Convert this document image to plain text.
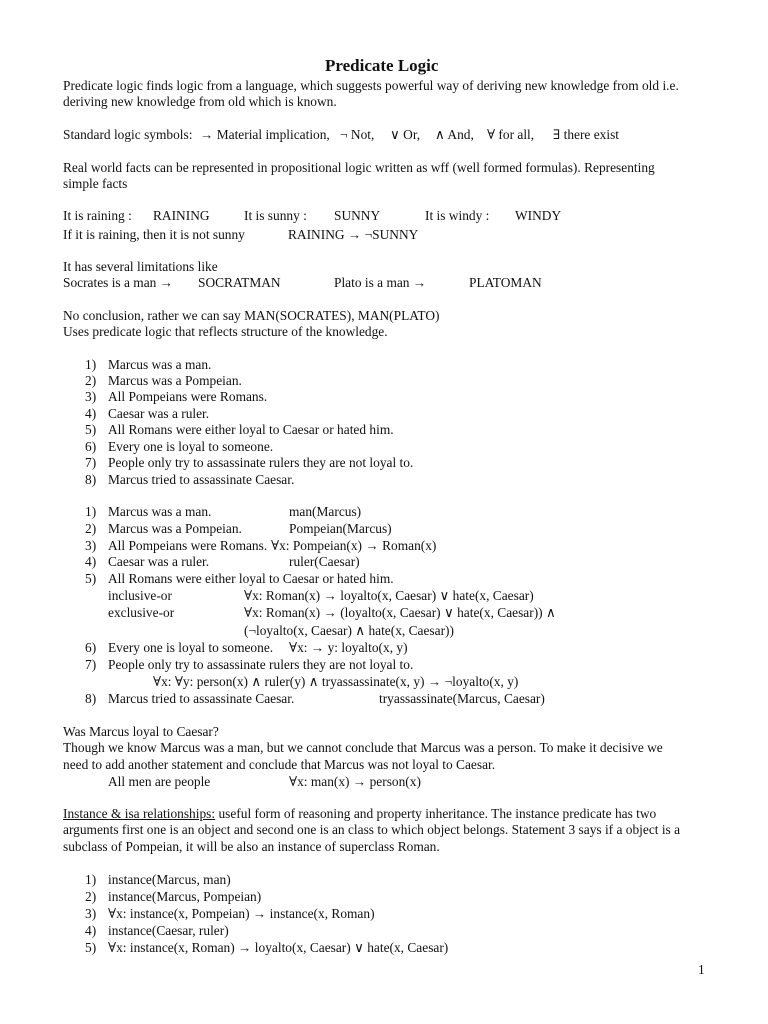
Predicate Logic
Predicate logic finds logic from a language, which suggests powerful way of deriving new knowledge from old i.e.
deriving new knowledge from old which is known.
Standard logic symbols: → Material implication, ¬ Not, ∨ Or, ∧ And, ∀ for all, ∃ there exist
Real world facts can be represented in propositional logic written as wff (well formed formulas). Representing
simple facts
It is raining : RAINING	It is sunny : SUNNY	It is windy : WINDY
If it is raining, then it is not sunny	RAINING → ¬SUNNY
It has several limitations like
Socrates is a man → SOCRATMAN	Plato is a man →	PLATOMAN
No conclusion, rather we can say MAN(SOCRATES), MAN(PLATO)
Uses predicate logic that reflects structure of the knowledge.
1) Marcus was a man.
2) Marcus was a Pompeian.
3) All Pompeians were Romans.
4) Caesar was a ruler.
5) All Romans were either loyal to Caesar or hated him.
6) Every one is loyal to someone.
7) People only try to assassinate rulers they are not loyal to.
8) Marcus tried to assassinate Caesar.
1) Marcus was a man.	man(Marcus)
2) Marcus was a Pompeian.	Pompeian(Marcus)
3) All Pompeians were Romans. ∀x: Pompeian(x) → Roman(x)
4) Caesar was a ruler.	ruler(Caesar)
5) All Romans were either loyal to Caesar or hated him.
inclusive-or	∀x: Roman(x) → loyalto(x, Caesar) ∨ hate(x, Caesar)
exclusive-or	∀x: Roman(x) → (loyalto(x, Caesar) ∨ hate(x, Caesar)) ∧
(¬loyalto(x, Caesar) ∧ hate(x, Caesar))
6) Every one is loyal to someone. ∀x: → y: loyalto(x, y)
7) People only try to assassinate rulers they are not loyal to.
∀x: ∀y: person(x) ∧ ruler(y) ∧ tryassassinate(x, y) → ¬loyalto(x, y)
8) Marcus tried to assassinate Caesar.	tryassassinate(Marcus, Caesar)
Was Marcus loyal to Caesar?
Though we know Marcus was a man, but we cannot conclude that Marcus was a person. To make it decisive we
need to add another statement and conclude that Marcus was not loyal to Caesar.
All men are people	∀x: man(x) → person(x)
Instance & isa relationships: useful form of reasoning and property inheritance. The instance predicate has two
arguments first one is an object and second one is an class to which object belongs. Statement 3 says if a object is a
subclass of Pompeian, it will be also an instance of superclass Roman.
1) instance(Marcus, man)
2) instance(Marcus, Pompeian)
3) ∀x: instance(x, Pompeian) → instance(x, Roman)
4) instance(Caesar, ruler)
5) ∀x: instance(x, Roman) → loyalto(x, Caesar) ∨ hate(x, Caesar)
1
